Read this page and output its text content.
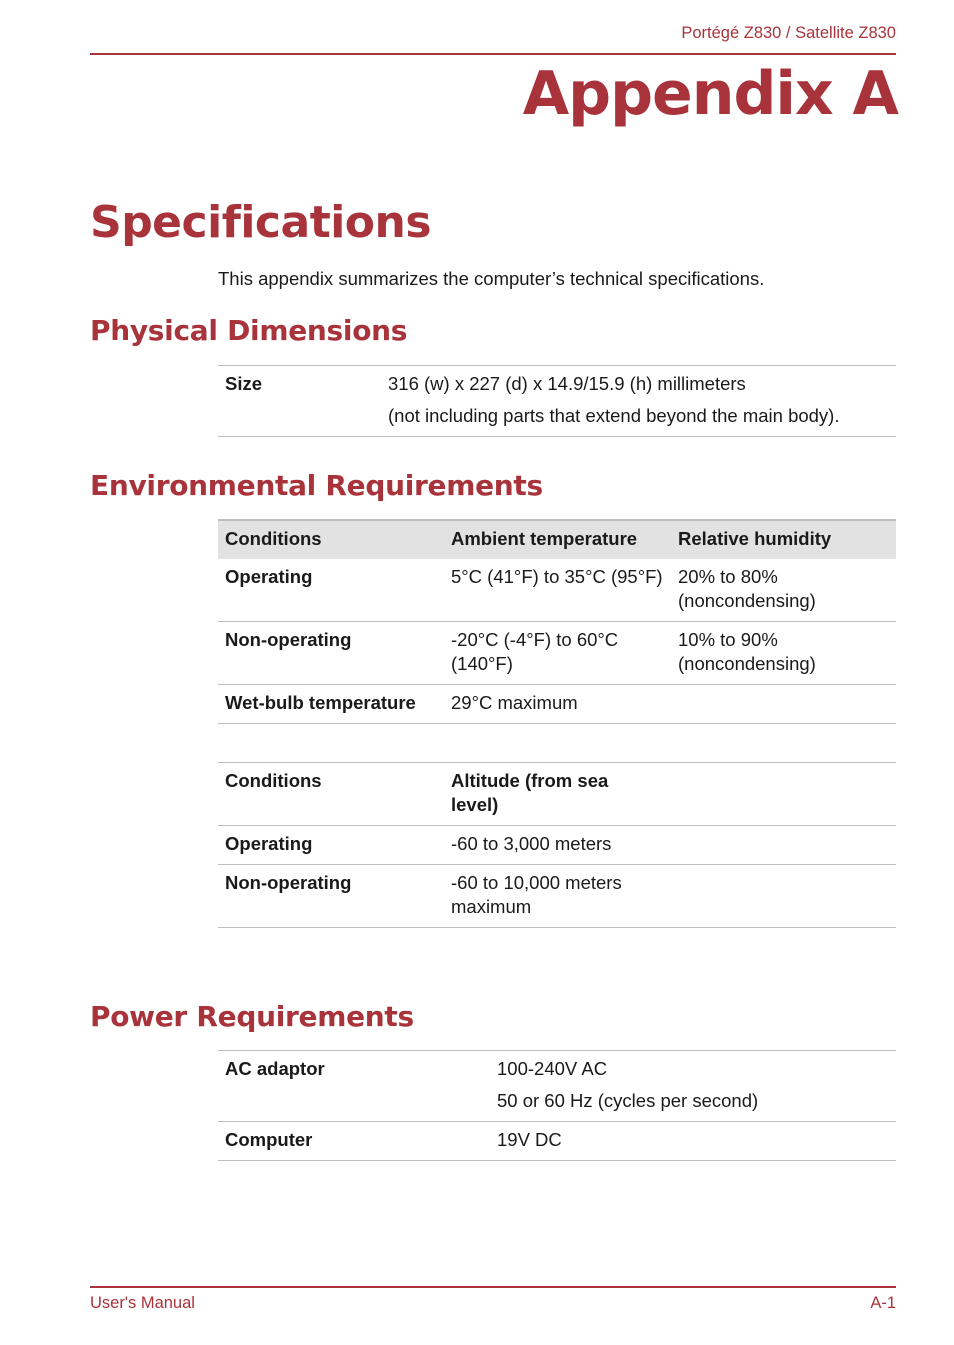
Portégé Z830 / Satellite Z830
Appendix A
Specifications
This appendix summarizes the computer’s technical specifications.
Physical Dimensions
Size	316 (w) x 227 (d) x 14.9/15.9 (h) millimeters
(not including parts that extend beyond the main body).
Environmental Requirements
Conditions	Ambient temperature	Relative humidity
Operating	5°C (41°F) to 35°C (95°F)	20% to 80% (noncondensing)
Non-operating	-20°C (-4°F) to 60°C (140°F)	10% to 90% (noncondensing)
Wet-bulb temperature	29°C maximum	
Conditions	Altitude (from sea level)	
Operating	-60 to 3,000 meters	
Non-operating	-60 to 10,000 meters maximum	
Power Requirements
AC adaptor	100-240V AC
50 or 60 Hz (cycles per second)

Computer	19V DC
User's Manual	A-1
